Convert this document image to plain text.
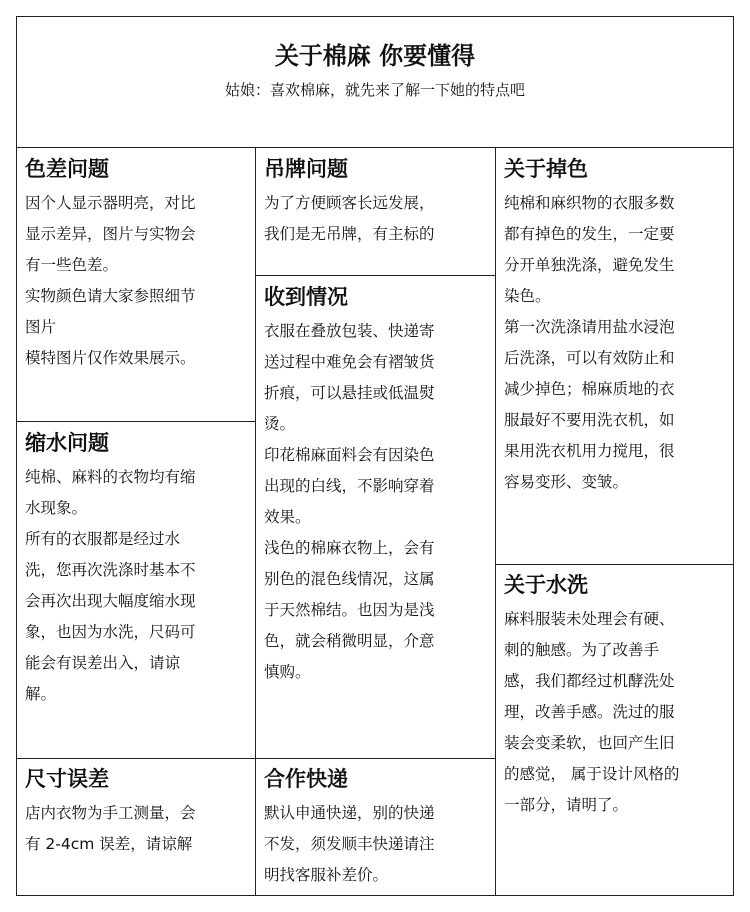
关于棉麻 你要懂得
姑娘：喜欢棉麻，就先来了解一下她的特点吧
色差问题
因个人显示器明亮，对比
显示差异，图片与实物会
有一些色差。
实物颜色请大家参照细节
图片
模特图片仅作效果展示。
缩水问题
纯棉、麻料的衣物均有缩
水现象。
所有的衣服都是经过水
洗，您再次洗涤时基本不
会再次出现大幅度缩水现
象，也因为水洗，尺码可
能会有误差出入，请谅
解。
尺寸误差
店内衣物为手工测量，会
有 2-4cm 误差，请谅解
吊牌问题
为了方便顾客长远发展，
我们是无吊牌，有主标的
收到情况
衣服在叠放包装、快递寄
送过程中难免会有褶皱货
折痕，可以悬挂或低温熨
烫。
印花棉麻面料会有因染色
出现的白线，不影响穿着
效果。
浅色的棉麻衣物上，会有
别色的混色线情况，这属
于天然棉结。也因为是浅
色，就会稍微明显，介意
慎购。
合作快递
默认申通快递，别的快递
不发，须发顺丰快递请注
明找客服补差价。
关于掉色
纯棉和麻织物的衣服多数
都有掉色的发生，一定要
分开单独洗涤，避免发生
染色。
第一次洗涤请用盐水浸泡
后洗涤，可以有效防止和
减少掉色；棉麻质地的衣
服最好不要用洗衣机，如
果用洗衣机用力搅甩，很
容易变形、变皱。
关于水洗
麻料服装未处理会有硬、
刺的触感。为了改善手
感，我们都经过机酵洗处
理，改善手感。洗过的服
装会变柔软，也回产生旧
的感觉， 属于设计风格的
一部分，请明了。
